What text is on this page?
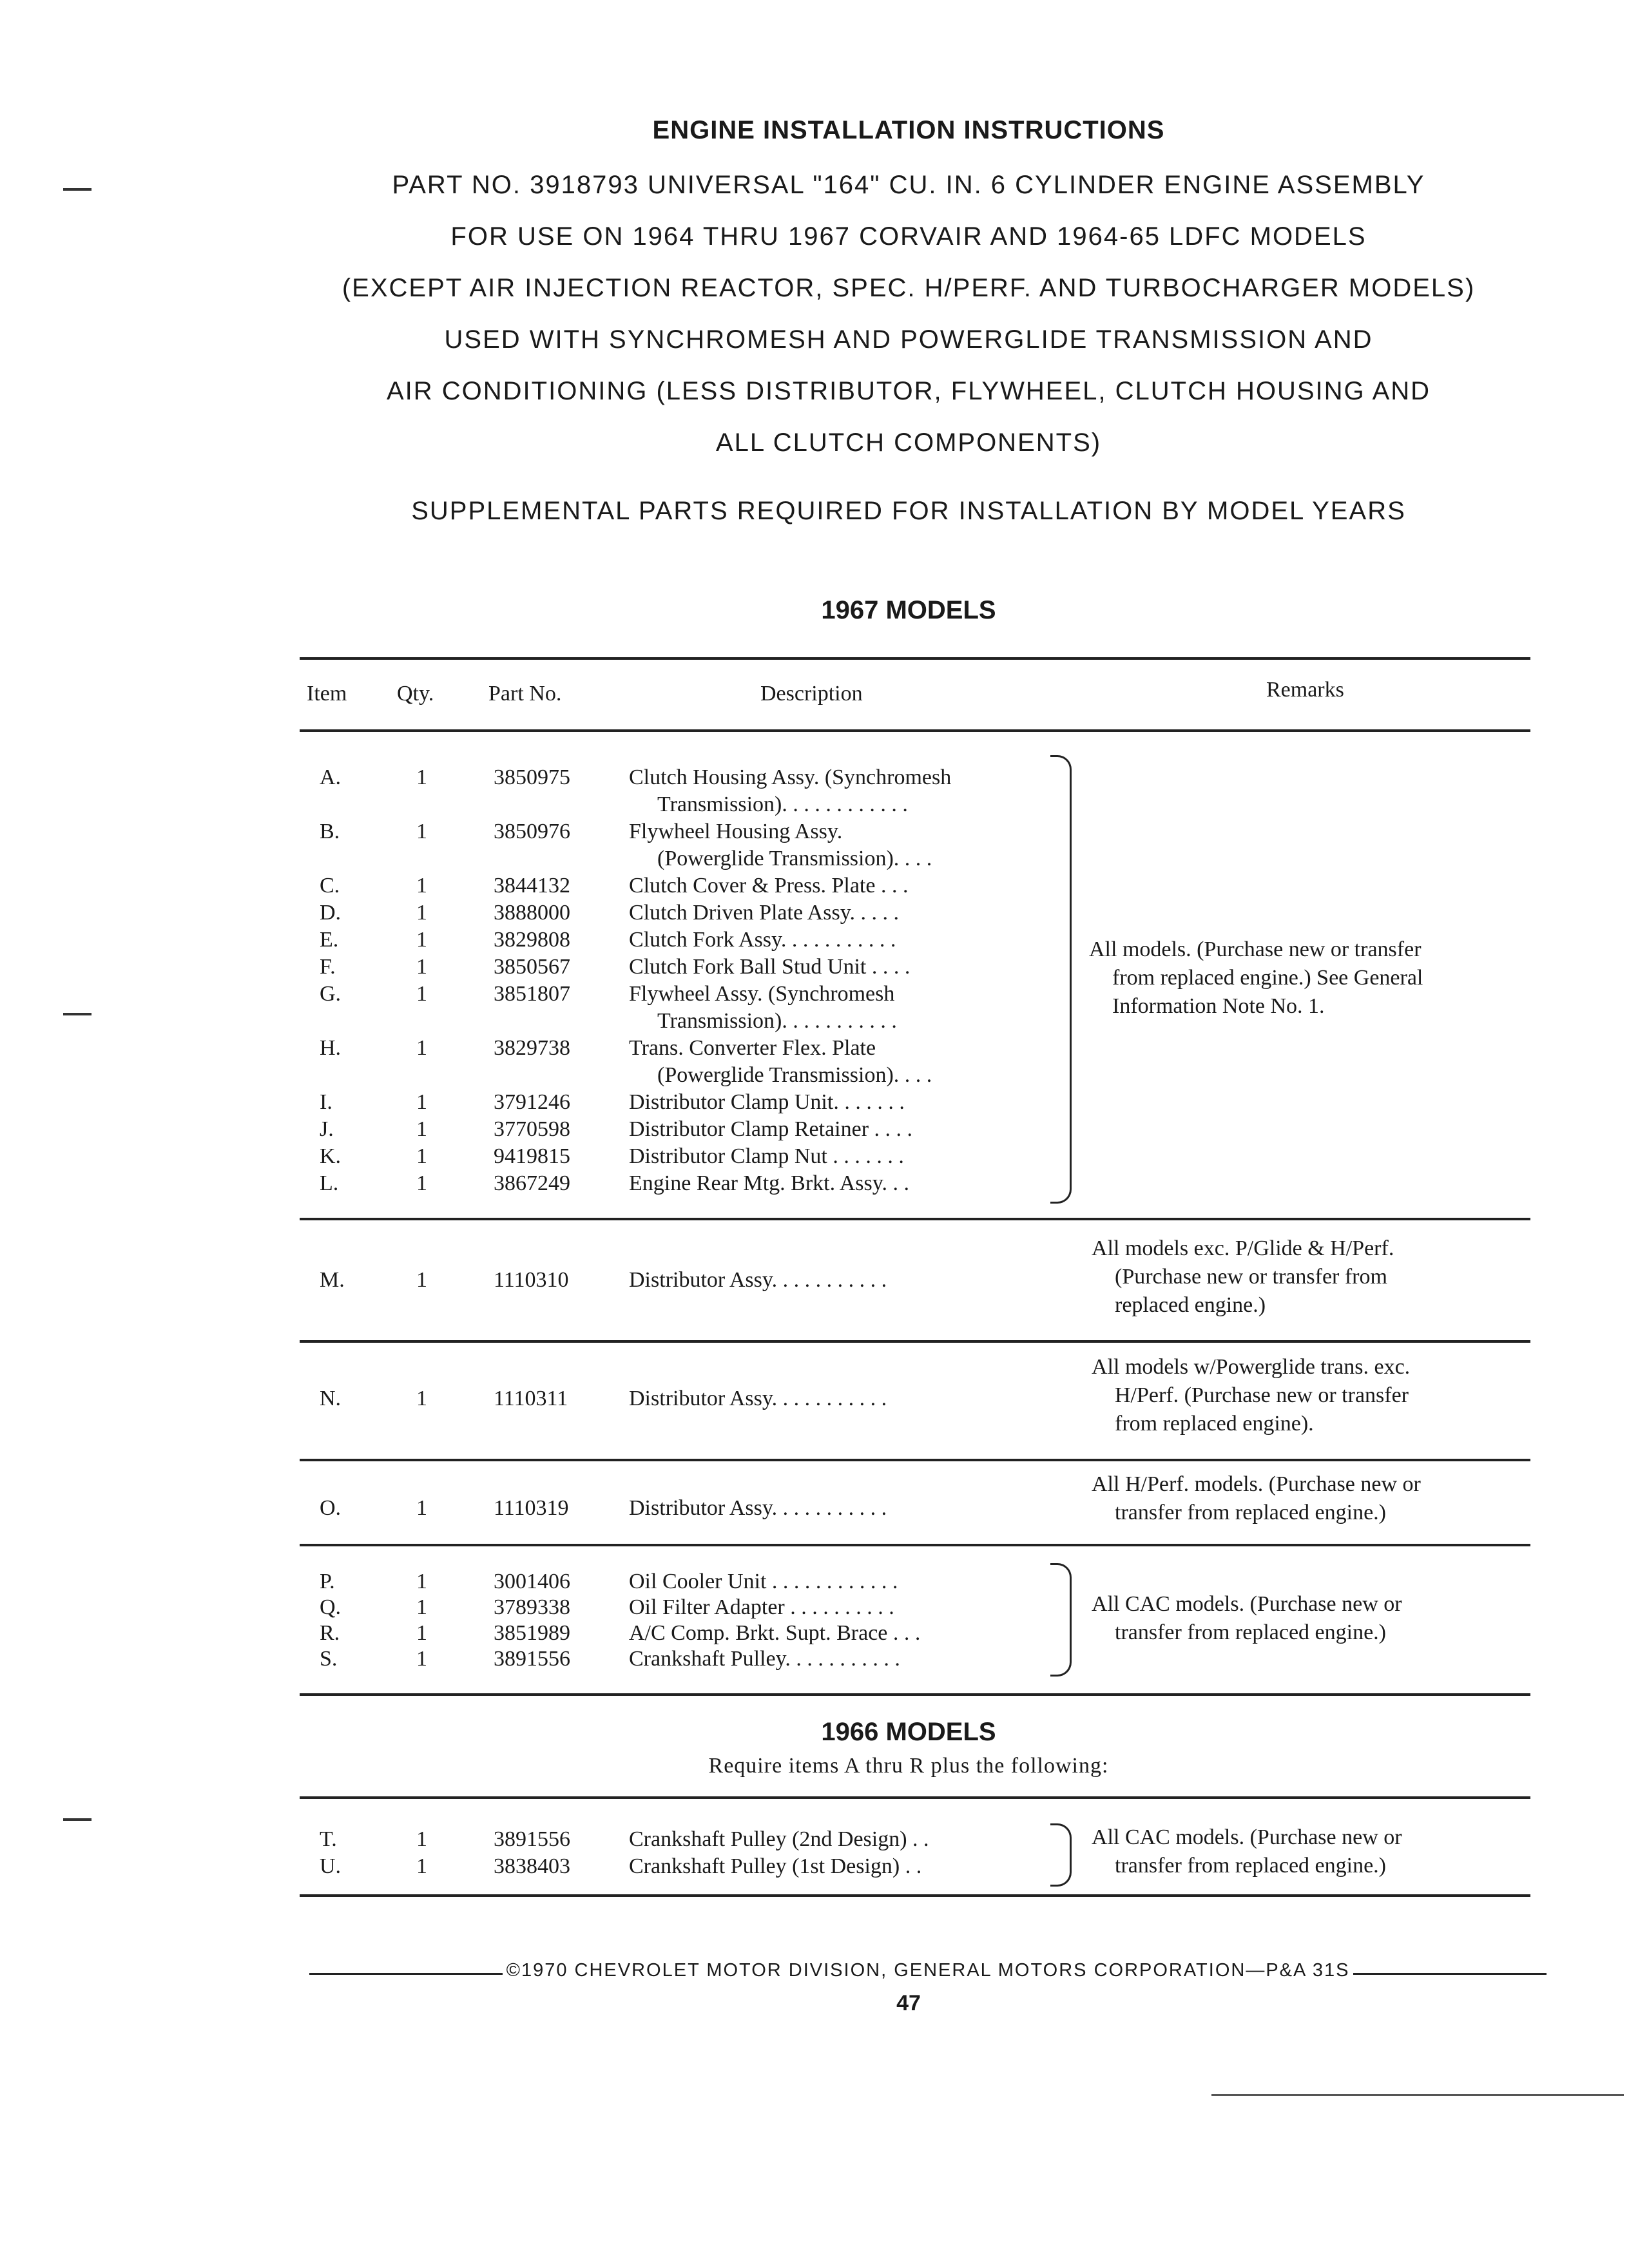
ENGINE INSTALLATION INSTRUCTIONS
PART NO. 3918793 UNIVERSAL "164" CU. IN. 6 CYLINDER ENGINE ASSEMBLY
FOR USE ON 1964 THRU 1967 CORVAIR AND 1964-65 LDFC MODELS
(EXCEPT AIR INJECTION REACTOR, SPEC. H/PERF. AND TURBOCHARGER MODELS)
USED WITH SYNCHROMESH AND POWERGLIDE TRANSMISSION AND
AIR CONDITIONING (LESS DISTRIBUTOR, FLYWHEEL, CLUTCH HOUSING AND
ALL CLUTCH COMPONENTS)
SUPPLEMENTAL PARTS REQUIRED FOR INSTALLATION BY MODEL YEARS
1967 MODELS
Item Qty. Part No.	Description	Remarks
A.	1	3850975	Clutch Housing Assy. (Synchromesh
Transmission). . . . . . . . . . . .
B.	1	3850976	Flywheel Housing Assy.
(Powerglide Transmission). . . .
C.	1	3844132	Clutch Cover & Press. Plate . . .
D.	1	3888000	Clutch Driven Plate Assy. . . . .
E.	1	3829808	Clutch Fork Assy. . . . . . . . . . .
F.	1	3850567	Clutch Fork Ball Stud Unit . . . .
G.	1	3851807	Flywheel Assy. (Synchromesh
Transmission). . . . . . . . . . .
H.	1	3829738	Trans. Converter Flex. Plate
(Powerglide Transmission). . . .
I.	1	3791246	Distributor Clamp Unit. . . . . . .
J.	1	3770598	Distributor Clamp Retainer . . . .
K.	1	9419815	Distributor Clamp Nut . . . . . . .
L.	1	3867249	Engine Rear Mtg. Brkt. Assy. . .
All models. (Purchase new or transfer
from replaced engine.) See General
Information Note No. 1.
M.	1	1110310	Distributor Assy. . . . . . . . . . .
All models exc. P/Glide & H/Perf.
(Purchase new or transfer from
replaced engine.)
N.	1	1110311	Distributor Assy. . . . . . . . . . .
All models w/Powerglide trans. exc.
H/Perf. (Purchase new or transfer
from replaced engine).
O.	1	1110319	Distributor Assy. . . . . . . . . . .
All H/Perf. models. (Purchase new or
transfer from replaced engine.)
P.	1	3001406	Oil Cooler Unit . . . . . . . . . . . .
Q.	1	3789338	Oil Filter Adapter . . . . . . . . . .
R.	1	3851989	A/C Comp. Brkt. Supt. Brace . . .
S.	1	3891556	Crankshaft Pulley. . . . . . . . . . .
All CAC models. (Purchase new or
transfer from replaced engine.)
1966 MODELS
Require items A thru R plus the following:
T.	1	3891556	Crankshaft Pulley (2nd Design) . .
U.	1	3838403	Crankshaft Pulley (1st Design) . .
All CAC models. (Purchase new or
transfer from replaced engine.)
©1970 CHEVROLET MOTOR DIVISION, GENERAL MOTORS CORPORATION—P&A 31S
47
